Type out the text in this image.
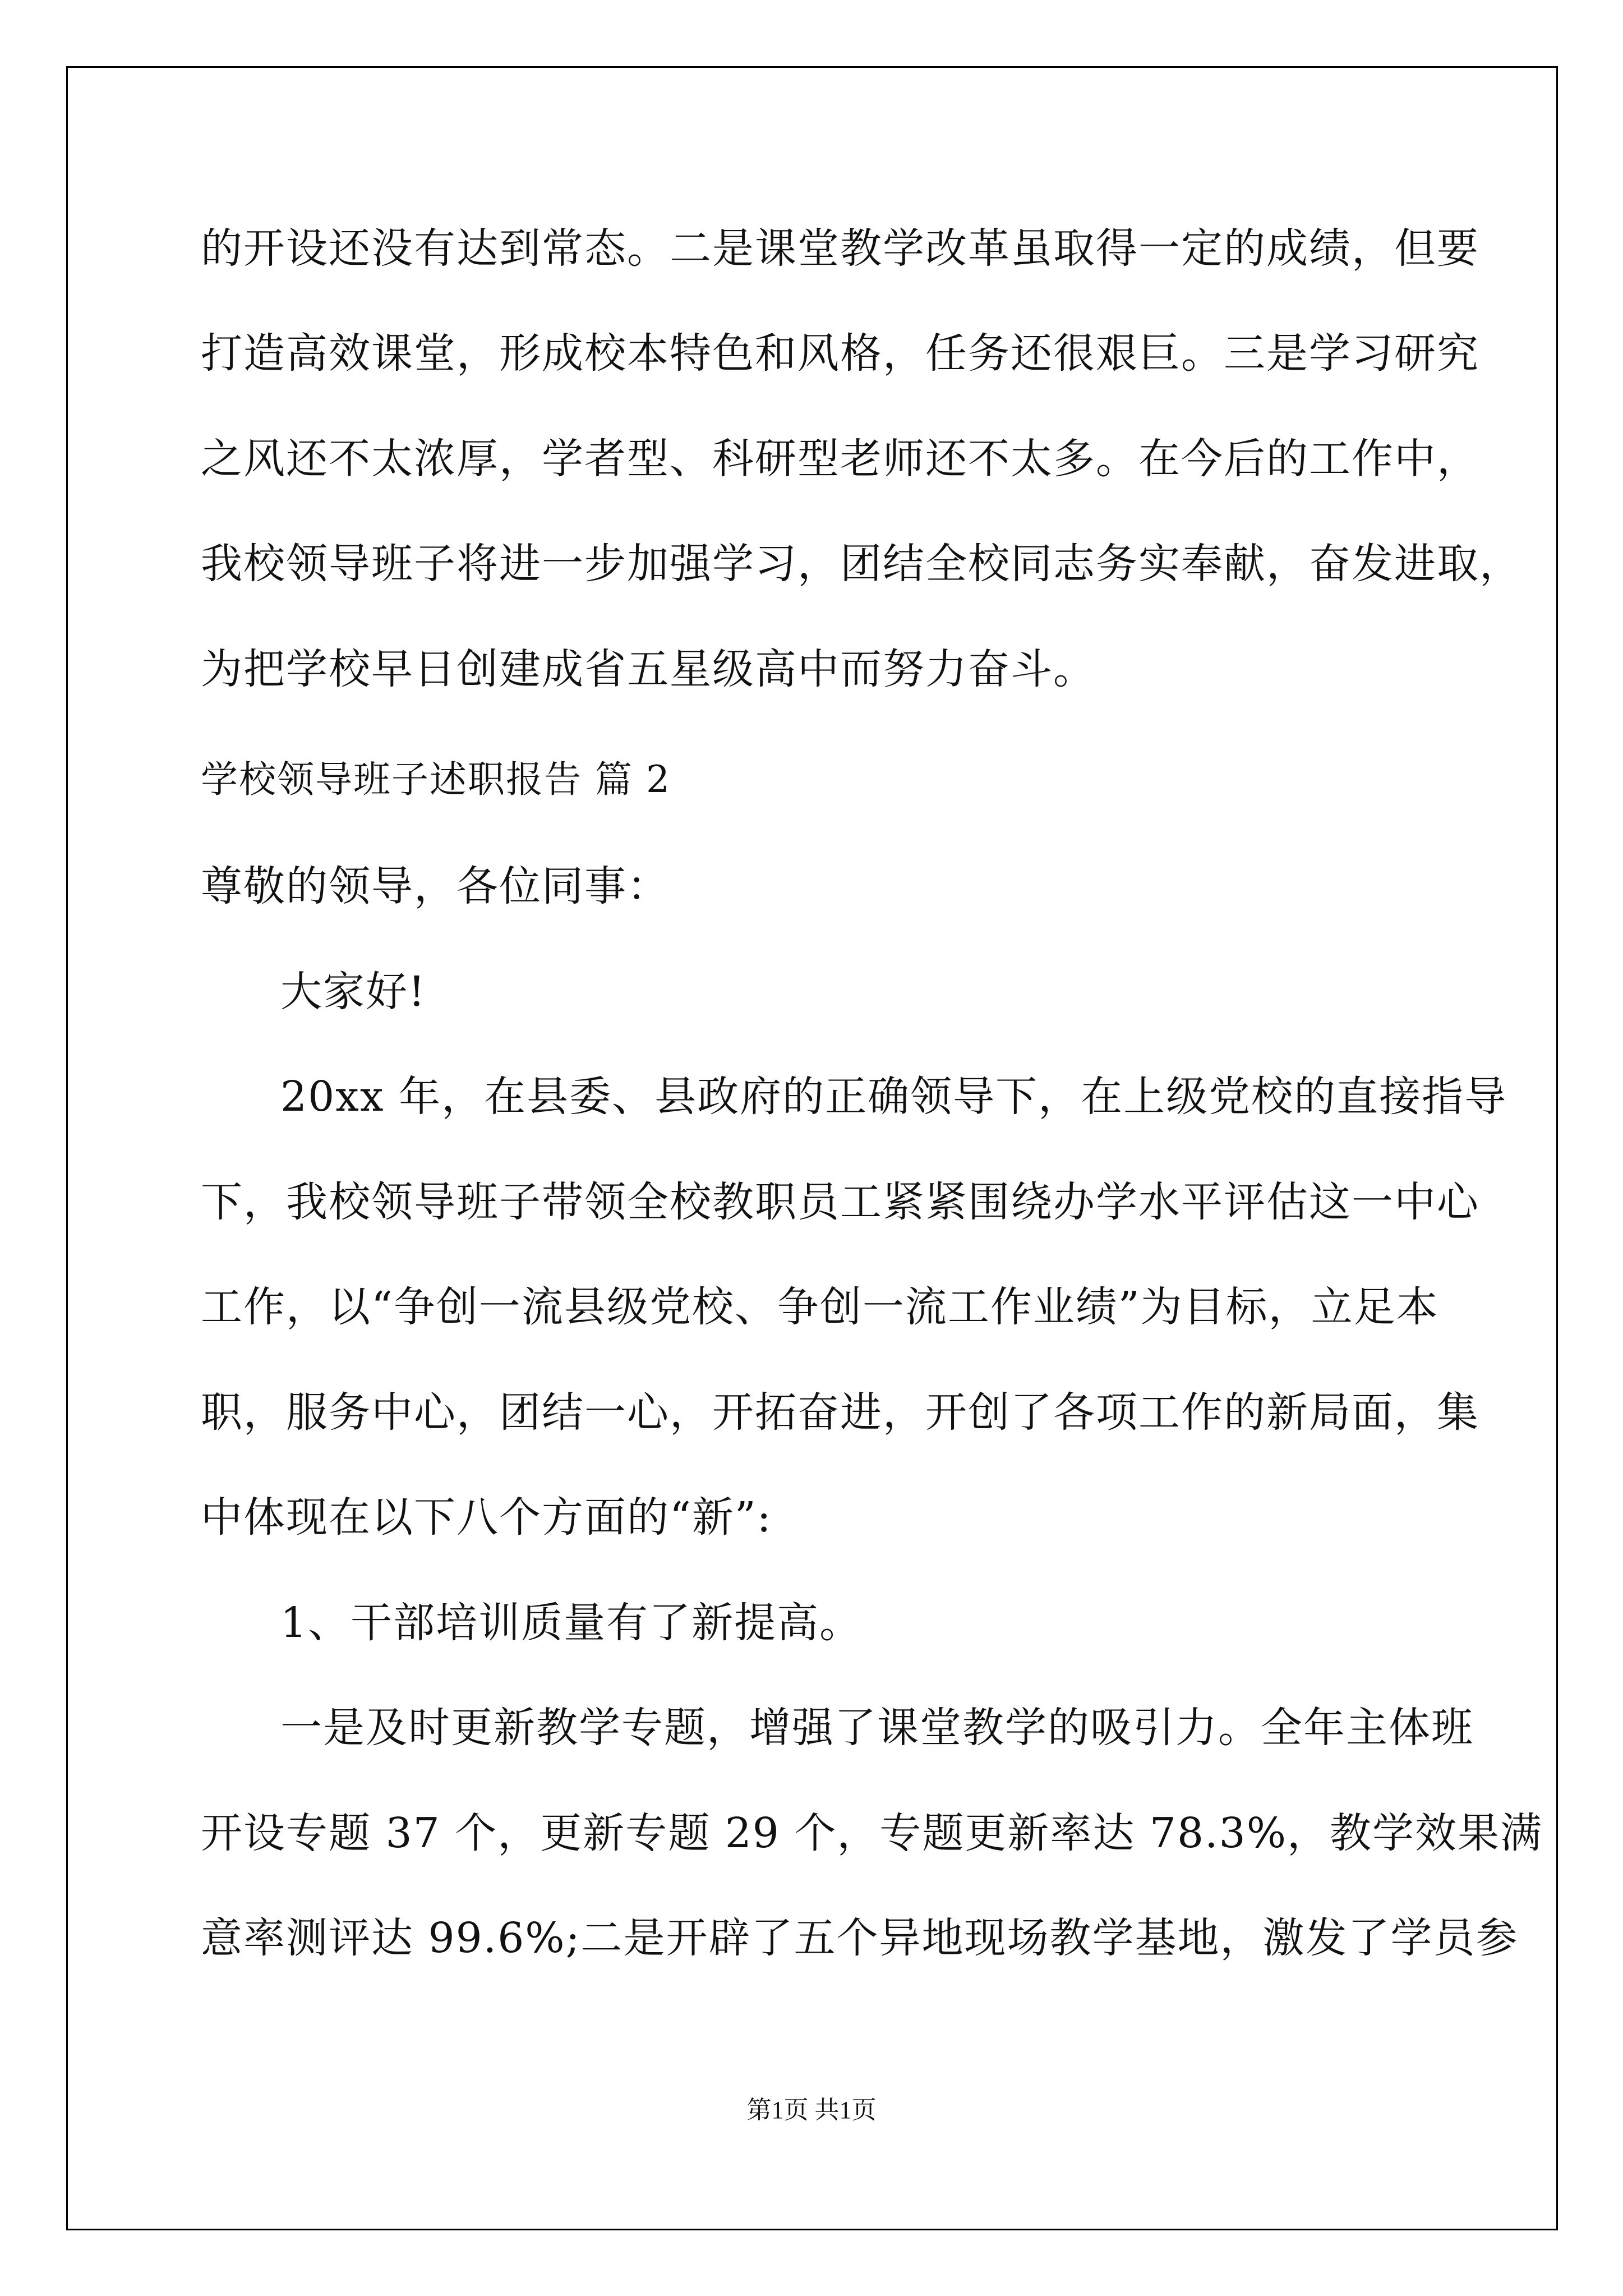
的开设还没有达到常态。二是课堂教学改革虽取得一定的成绩，但要
打造高效课堂，形成校本特色和风格，任务还很艰巨。三是学习研究
之风还不太浓厚，学者型、科研型老师还不太多。在今后的工作中，
我校领导班子将进一步加强学习，团结全校同志务实奉献，奋发进取，
为把学校早日创建成省五星级高中而努力奋斗。
学校领导班子述职报告 篇 2
尊敬的领导，各位同事：
大家好!
20xx 年，在县委、县政府的正确领导下，在上级党校的直接指导
下，我校领导班子带领全校教职员工紧紧围绕办学水平评估这一中心
工作，以“争创一流县级党校、争创一流工作业绩”为目标，立足本
职，服务中心，团结一心，开拓奋进，开创了各项工作的新局面，集
中体现在以下八个方面的“新”:
1、干部培训质量有了新提高。
一是及时更新教学专题，增强了课堂教学的吸引力。全年主体班
开设专题 37 个，更新专题 29 个，专题更新率达 78.3%，教学效果满
意率测评达 99.6%;二是开辟了五个异地现场教学基地，激发了学员参
第1页 共1页
